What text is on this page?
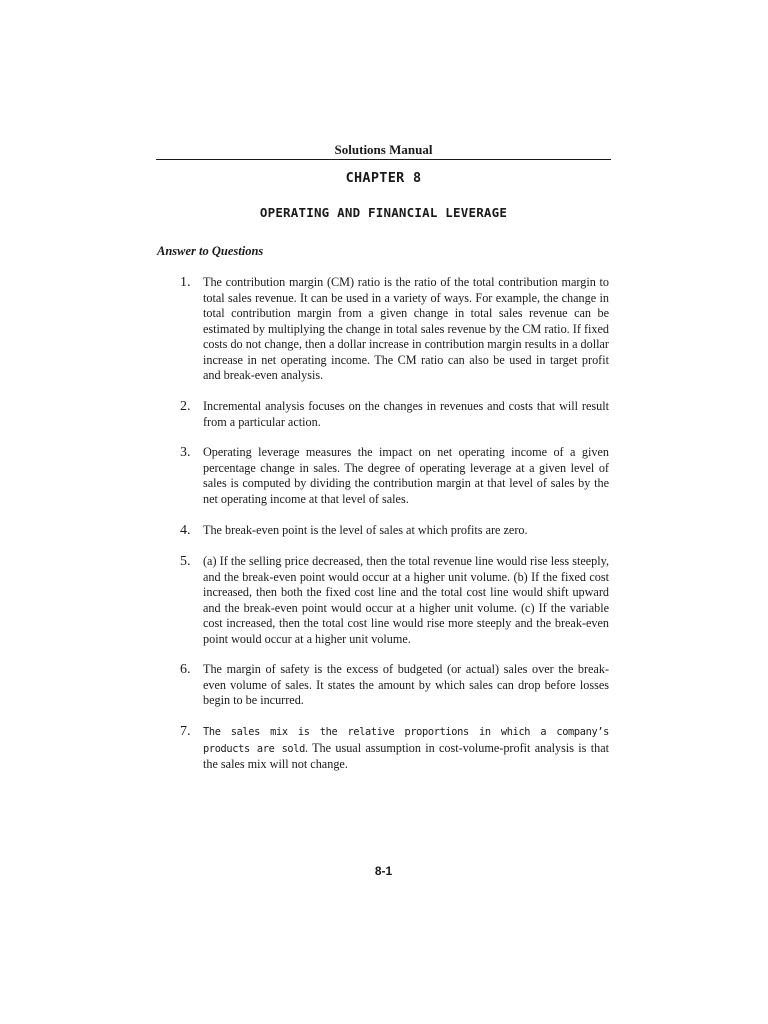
Solutions Manual
CHAPTER 8
OPERATING AND FINANCIAL LEVERAGE
Answer to Questions
1. The contribution margin (CM) ratio is the ratio of the total contribution margin to total sales revenue. It can be used in a variety of ways. For example, the change in total contribution margin from a given change in total sales revenue can be estimated by multiplying the change in total sales revenue by the CM ratio. If fixed costs do not change, then a dollar increase in contribution margin results in a dollar increase in net operating income. The CM ratio can also be used in target profit and break-even analysis.
2. Incremental analysis focuses on the changes in revenues and costs that will result from a particular action.
3. Operating leverage measures the impact on net operating income of a given percentage change in sales. The degree of operating leverage at a given level of sales is computed by dividing the contribution margin at that level of sales by the net operating income at that level of sales.
4. The break-even point is the level of sales at which profits are zero.
5. (a) If the selling price decreased, then the total revenue line would rise less steeply, and the break-even point would occur at a higher unit volume. (b) If the fixed cost increased, then both the fixed cost line and the total cost line would shift upward and the break-even point would occur at a higher unit volume. (c) If the variable cost increased, then the total cost line would rise more steeply and the break-even point would occur at a higher unit volume.
6. The margin of safety is the excess of budgeted (or actual) sales over the break-even volume of sales. It states the amount by which sales can drop before losses begin to be incurred.
7. The sales mix is the relative proportions in which a company’s products are sold. The usual assumption in cost-volume-profit analysis is that the sales mix will not change.
8-1
